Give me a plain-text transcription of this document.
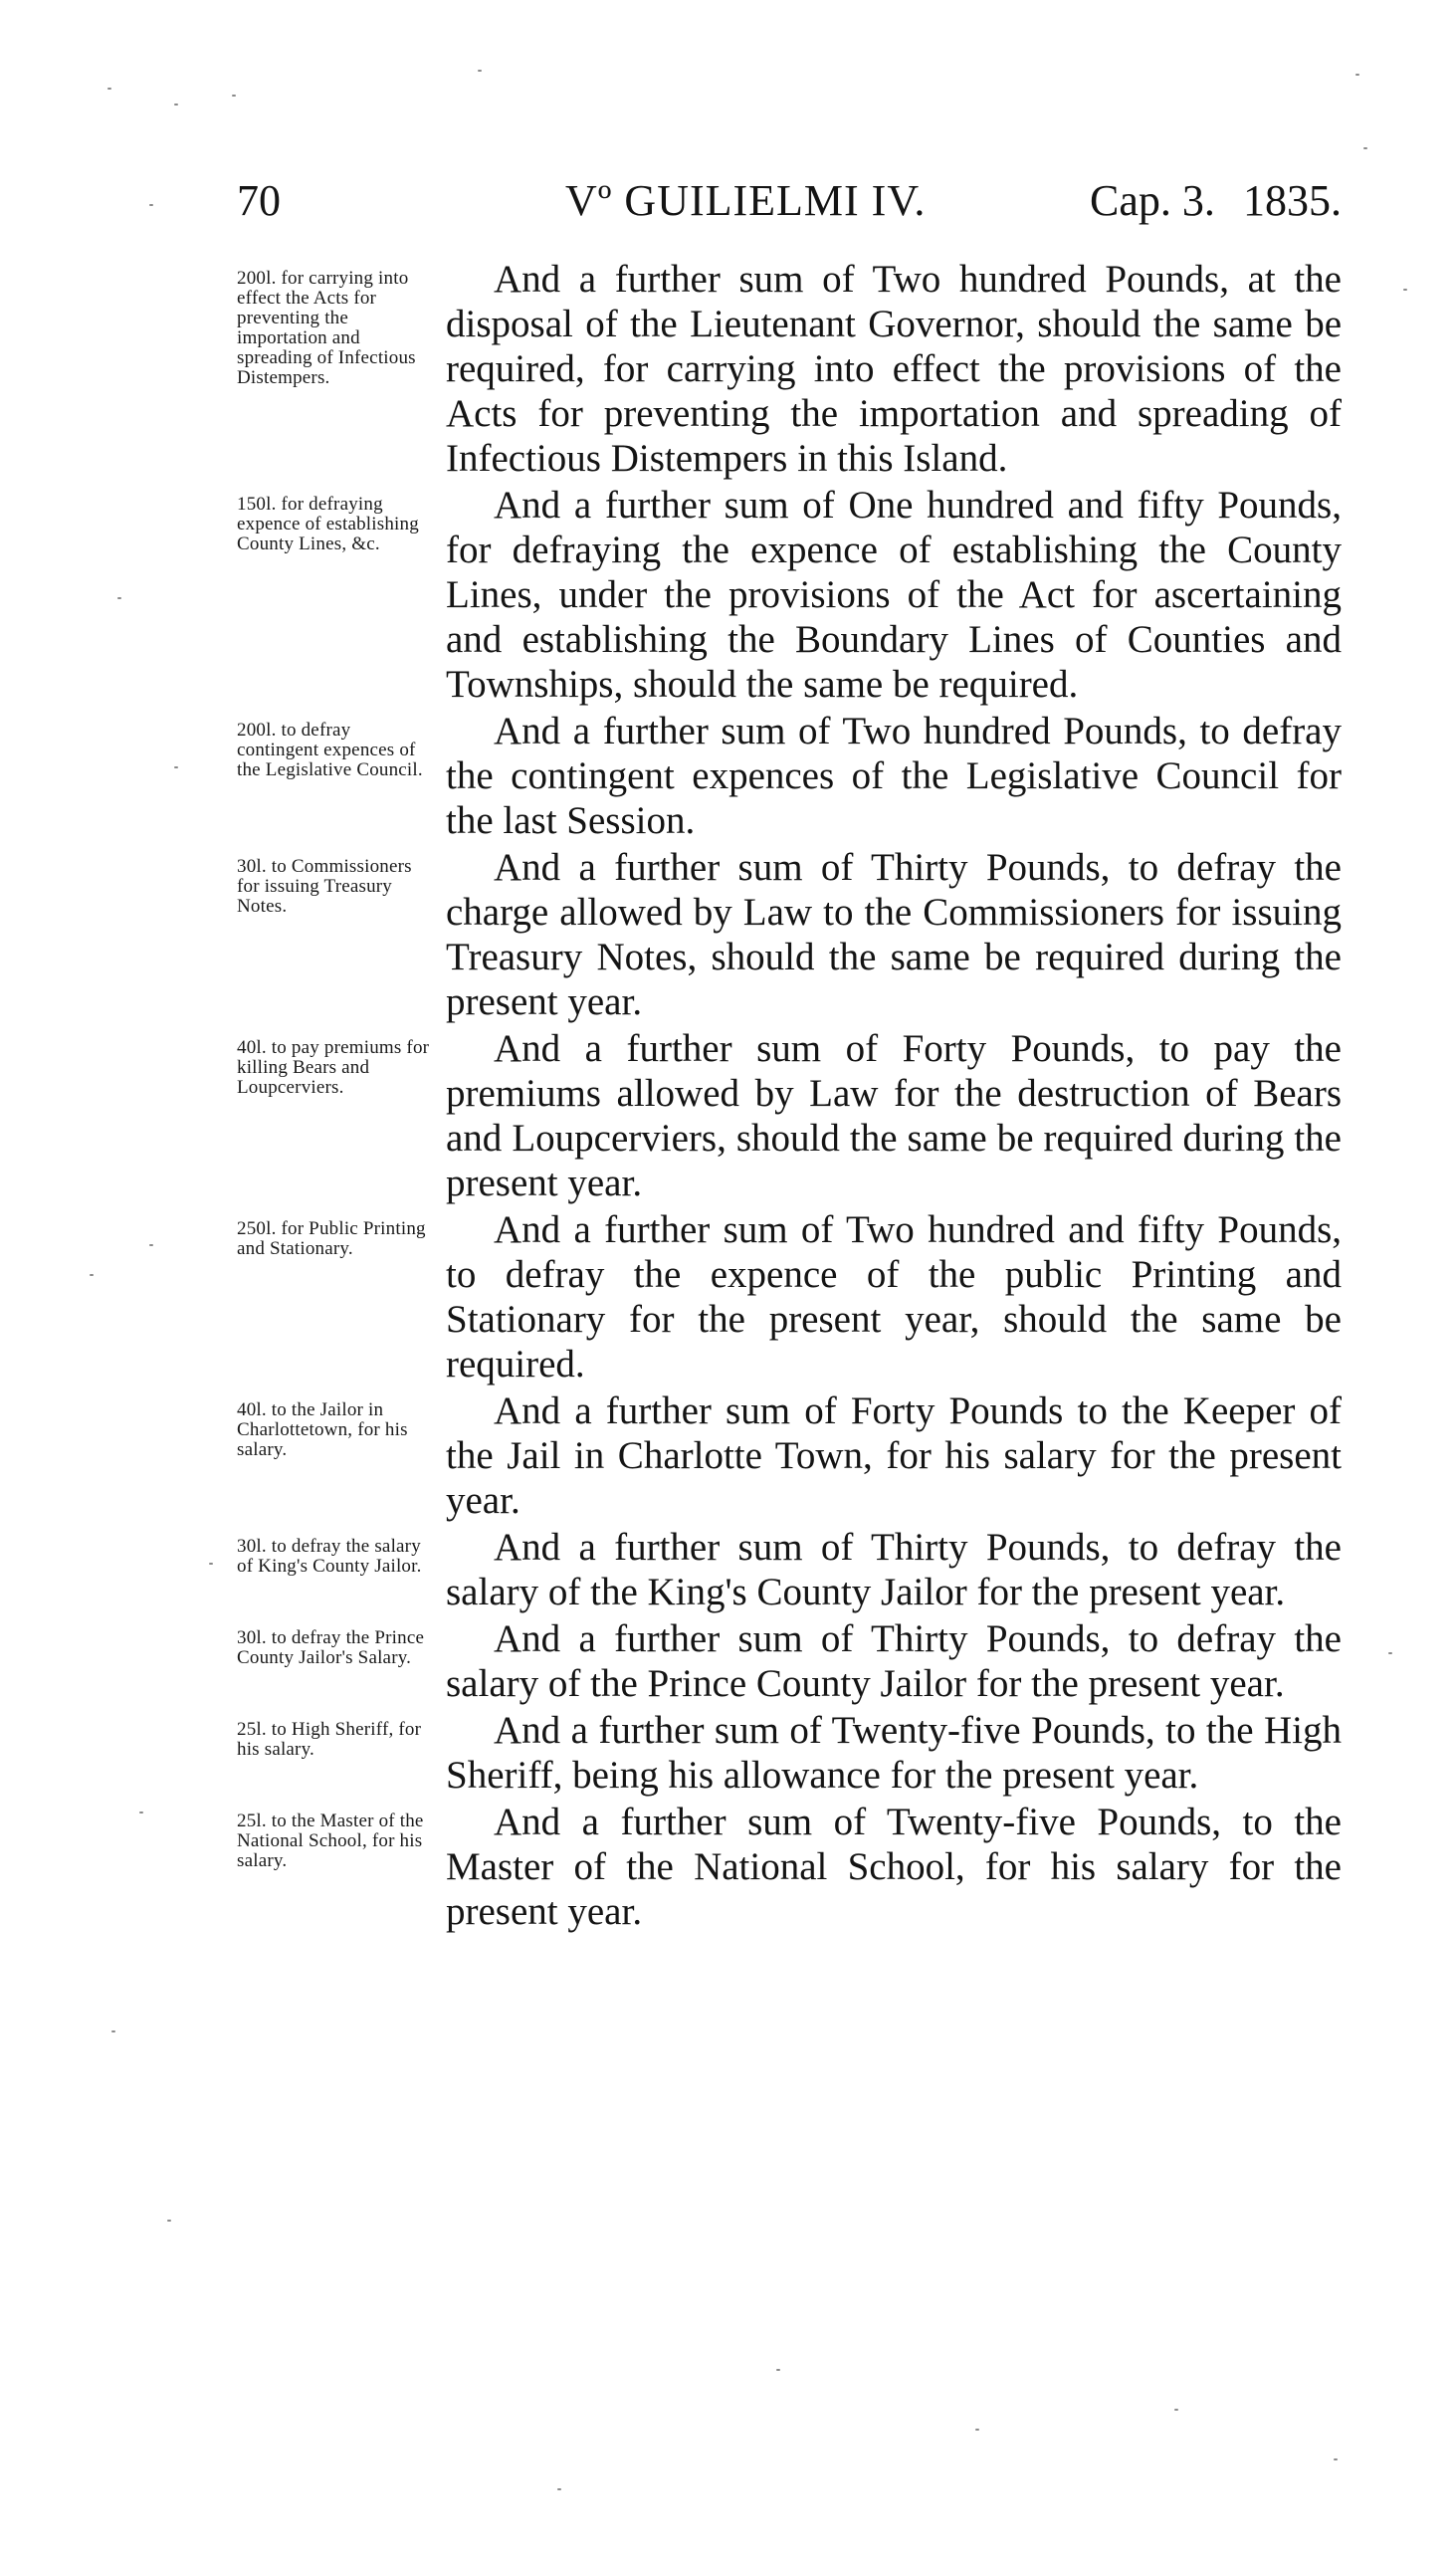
70	Vº GUILIELMI IV.	Cap. 3. 1835.
200l. for carrying into effect the Acts for preventing the importation and spreading of Infectious Distempers.
And a further sum of Two hundred Pounds, at the disposal of the Lieutenant Governor, should the same be required, for carrying into effect the provisions of the Acts for preventing the importation and spreading of Infectious Distempers in this Island.
150l. for defraying expence of establishing County Lines, &c.
And a further sum of One hundred and fifty Pounds, for defraying the expence of establishing the County Lines, under the provisions of the Act for ascertaining and establishing the Boundary Lines of Counties and Townships, should the same be required.
200l. to defray contingent expences of the Legislative Council.
And a further sum of Two hundred Pounds, to defray the contingent expences of the Legislative Council for the last Session.
30l. to Commissioners for issuing Treasury Notes.
And a further sum of Thirty Pounds, to defray the charge allowed by Law to the Commissioners for issuing Treasury Notes, should the same be required during the present year.
40l. to pay premiums for killing Bears and Loupcerviers.
And a further sum of Forty Pounds, to pay the premiums allowed by Law for the destruction of Bears and Loupcerviers, should the same be required during the present year.
250l. for Public Printing and Stationary.	And a further sum of Two hundred and fifty Pounds, to defray the expence of the public Printing and Stationary for the present year, should the same be required.
40l. to the Jailor in Charlottetown, for his salary.
And a further sum of Forty Pounds to the Keeper of the Jail in Charlotte Town, for his salary for the present year.
30l. to defray the salary of King's County Jailor.	And a further sum of Thirty Pounds, to defray the salary of the King's County Jailor for the present year.
30l. to defray the Prince County Jailor's Salary.	And a further sum of Thirty Pounds, to defray the salary of the Prince County Jailor for the present year.
25l. to High Sheriff, for his salary.	And a further sum of Twenty-five Pounds, to the High Sheriff, being his allowance for the present year.
25l. to the Master of the National School, for his salary.
And a further sum of Twenty-five Pounds, to the Master of the National School, for his salary for the present year.
